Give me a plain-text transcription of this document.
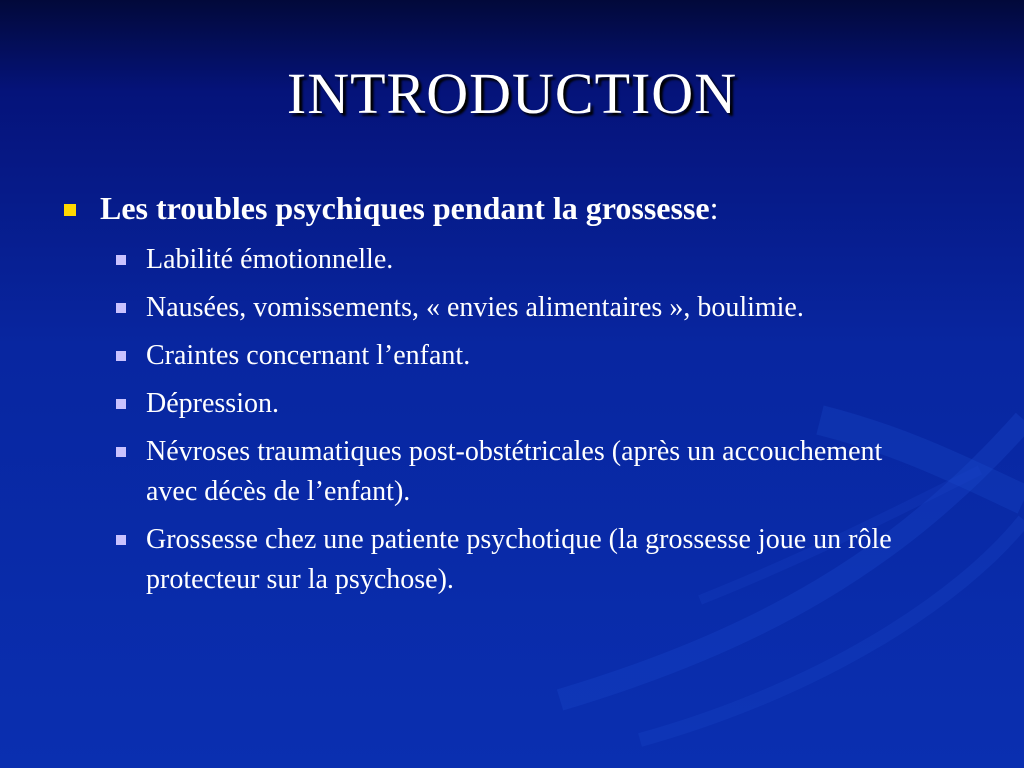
INTRODUCTION
Les troubles psychiques pendant la grossesse:
Labilité émotionnelle.
Nausées, vomissements, « envies alimentaires », boulimie.
Craintes concernant l’enfant.
Dépression.
Névroses traumatiques post-obstétricales (après un accouchement avec décès de l’enfant).
Grossesse chez une patiente psychotique (la grossesse joue un rôle protecteur sur la psychose).
